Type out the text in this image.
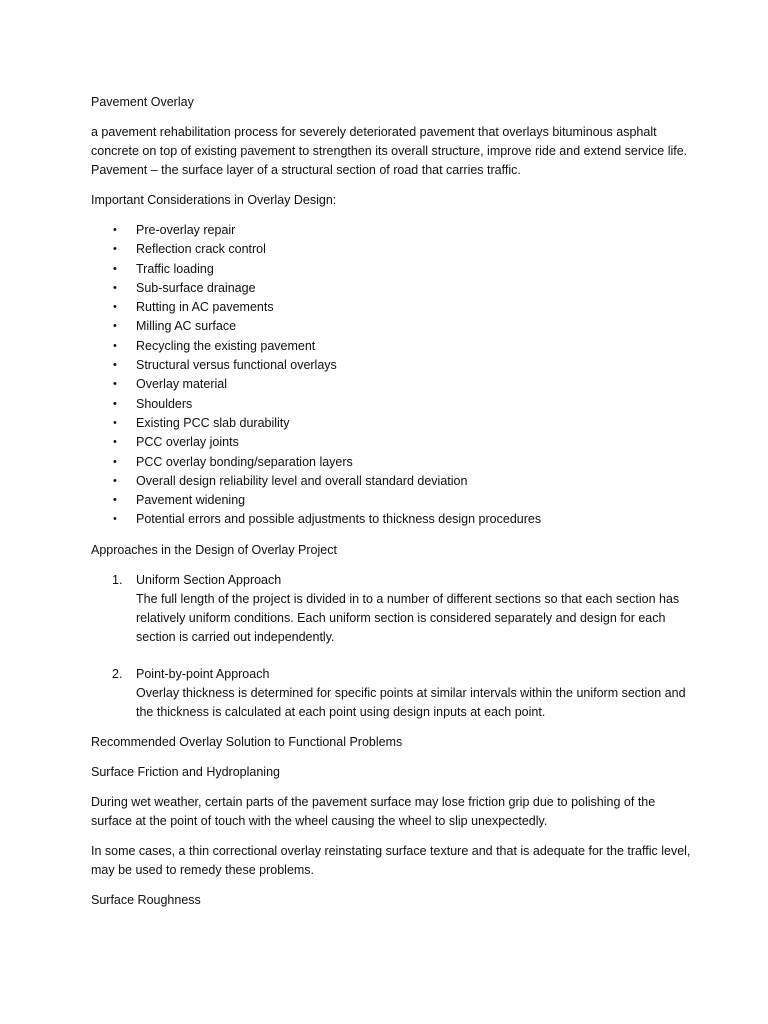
Pavement Overlay

a pavement rehabilitation process for severely deteriorated pavement that overlays bituminous asphalt concrete on top of existing pavement to strengthen its overall structure, improve ride and extend service life. Pavement – the surface layer of a structural section of road that carries traffic.

Important Considerations in Overlay Design:

• Pre-overlay repair
• Reflection crack control
• Traffic loading
• Sub-surface drainage
• Rutting in AC pavements
• Milling AC surface
• Recycling the existing pavement
• Structural versus functional overlays
• Overlay material
• Shoulders
• Existing PCC slab durability
• PCC overlay joints
• PCC overlay bonding/separation layers
• Overall design reliability level and overall standard deviation
• Pavement widening
• Potential errors and possible adjustments to thickness design procedures

Approaches in the Design of Overlay Project

1. Uniform Section Approach
The full length of the project is divided in to a number of different sections so that each section has relatively uniform conditions. Each uniform section is considered separately and design for each section is carried out independently.
2. Point-by-point Approach
Overlay thickness is determined for specific points at similar intervals within the uniform section and the thickness is calculated at each point using design inputs at each point.

Recommended Overlay Solution to Functional Problems

Surface Friction and Hydroplaning

During wet weather, certain parts of the pavement surface may lose friction grip due to polishing of the surface at the point of touch with the wheel causing the wheel to slip unexpectedly.

In some cases, a thin correctional overlay reinstating surface texture and that is adequate for the traffic level, may be used to remedy these problems.

Surface Roughness
